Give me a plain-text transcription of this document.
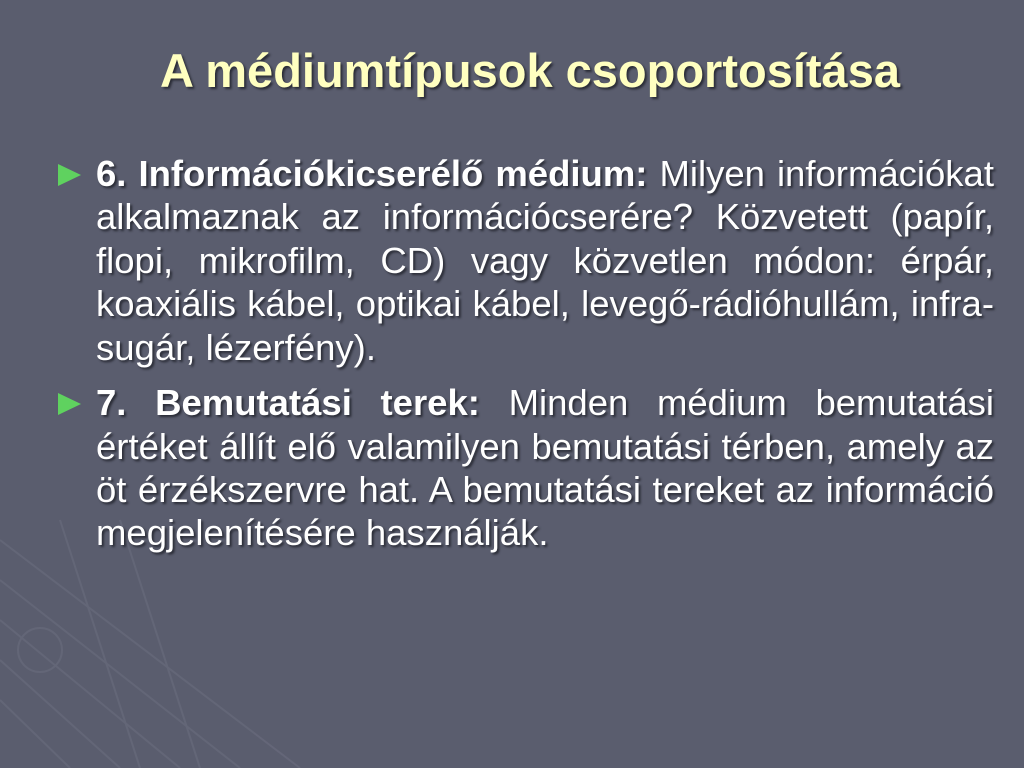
A médiumtípusok csoportosítása
6. Információkicserélő médium: Milyen információkat alkalmaznak az információcserére? Közvetett (papír, flopi, mikrofilm, CD) vagy közvetlen módon: érpár, koaxiális kábel, optikai kábel, levegő-rádióhullám, infra-sugár, lézerfény).
7. Bemutatási terek: Minden médium bemutatási értéket állít elő valamilyen bemutatási térben, amely az öt érzékszervre hat. A bemutatási tereket az információ megjelenítésére használják.
